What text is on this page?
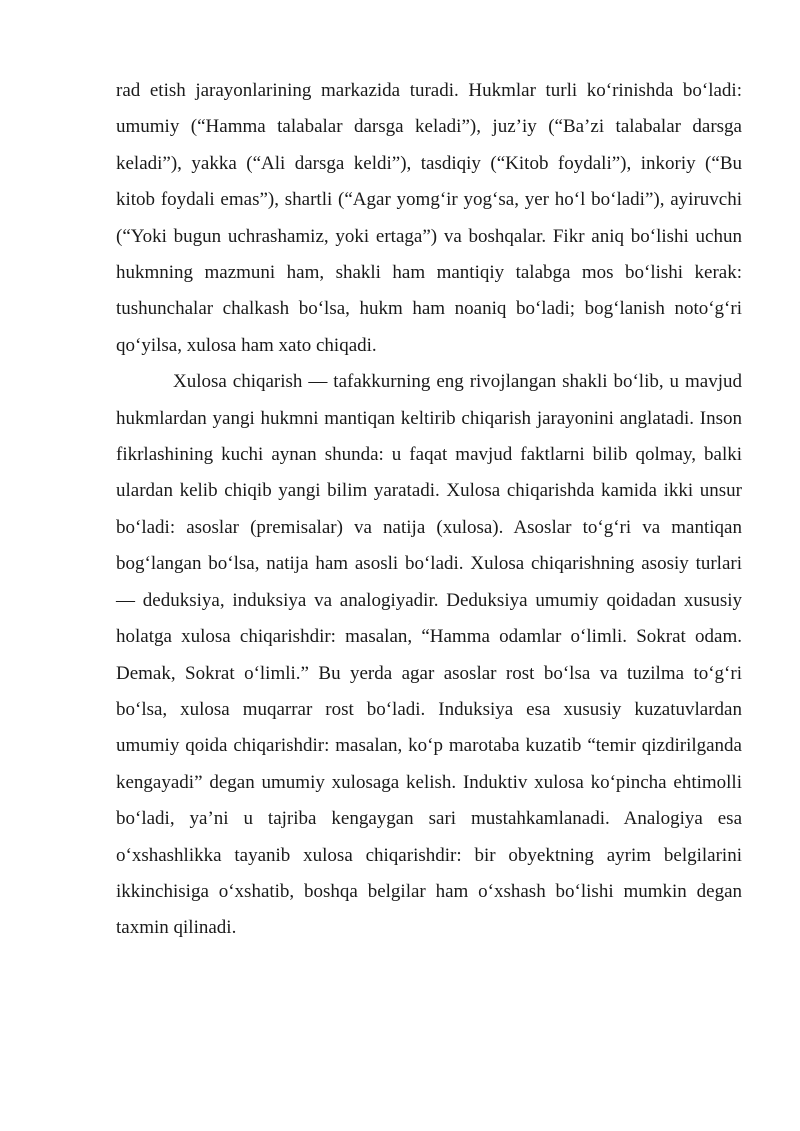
rad etish jarayonlarining markazida turadi. Hukmlar turli ko‘rinishda bo‘ladi: umumiy (“Hamma talabalar darsga keladi”), juz’iy (“Ba’zi talabalar darsga keladi”), yakka (“Ali darsga keldi”), tasdiqiy (“Kitob foydali”), inkoriy (“Bu kitob foydali emas”), shartli (“Agar yomg‘ir yog‘sa, yer ho‘l bo‘ladi”), ayiruvchi (“Yoki bugun uchrashamiz, yoki ertaga”) va boshqalar. Fikr aniq bo‘lishi uchun hukmning mazmuni ham, shakli ham mantiqiy talabga mos bo‘lishi kerak: tushunchalar chalkash bo‘lsa, hukm ham noaniq bo‘ladi; bog‘lanish noto‘g‘ri qo‘yilsa, xulosa ham xato chiqadi.

Xulosa chiqarish — tafakkurning eng rivojlangan shakli bo‘lib, u mavjud hukmlardan yangi hukmni mantiqan keltirib chiqarish jarayonini anglatadi. Inson fikrlashining kuchi aynan shunda: u faqat mavjud faktlarni bilib qolmay, balki ulardan kelib chiqib yangi bilim yaratadi. Xulosa chiqarishda kamida ikki unsur bo‘ladi: asoslar (premisalar) va natija (xulosa). Asoslar to‘g‘ri va mantiqan bog‘langan bo‘lsa, natija ham asosli bo‘ladi. Xulosa chiqarishning asosiy turlari — deduksiya, induksiya va analogiyadir. Deduksiya umumiy qoidadan xususiy holatga xulosa chiqarishdir: masalan, “Hamma odamlar o‘limli. Sokrat odam. Demak, Sokrat o‘limli.” Bu yerda agar asoslar rost bo‘lsa va tuzilma to‘g‘ri bo‘lsa, xulosa muqarrar rost bo‘ladi. Induksiya esa xususiy kuzatuvlardan umumiy qoida chiqarishdir: masalan, ko‘p marotaba kuzatib “temir qizdirilganda kengayadi” degan umumiy xulosaga kelish. Induktiv xulosa ko‘pincha ehtimolli bo‘ladi, ya’ni u tajriba kengaygan sari mustahkamlanadi. Analogiya esa o‘xshashlikka tayanib xulosa chiqarishdir: bir obyektning ayrim belgilarini ikkinchisiga o‘xshatib, boshqa belgilar ham o‘xshash bo‘lishi mumkin degan taxmin qilinadi.
